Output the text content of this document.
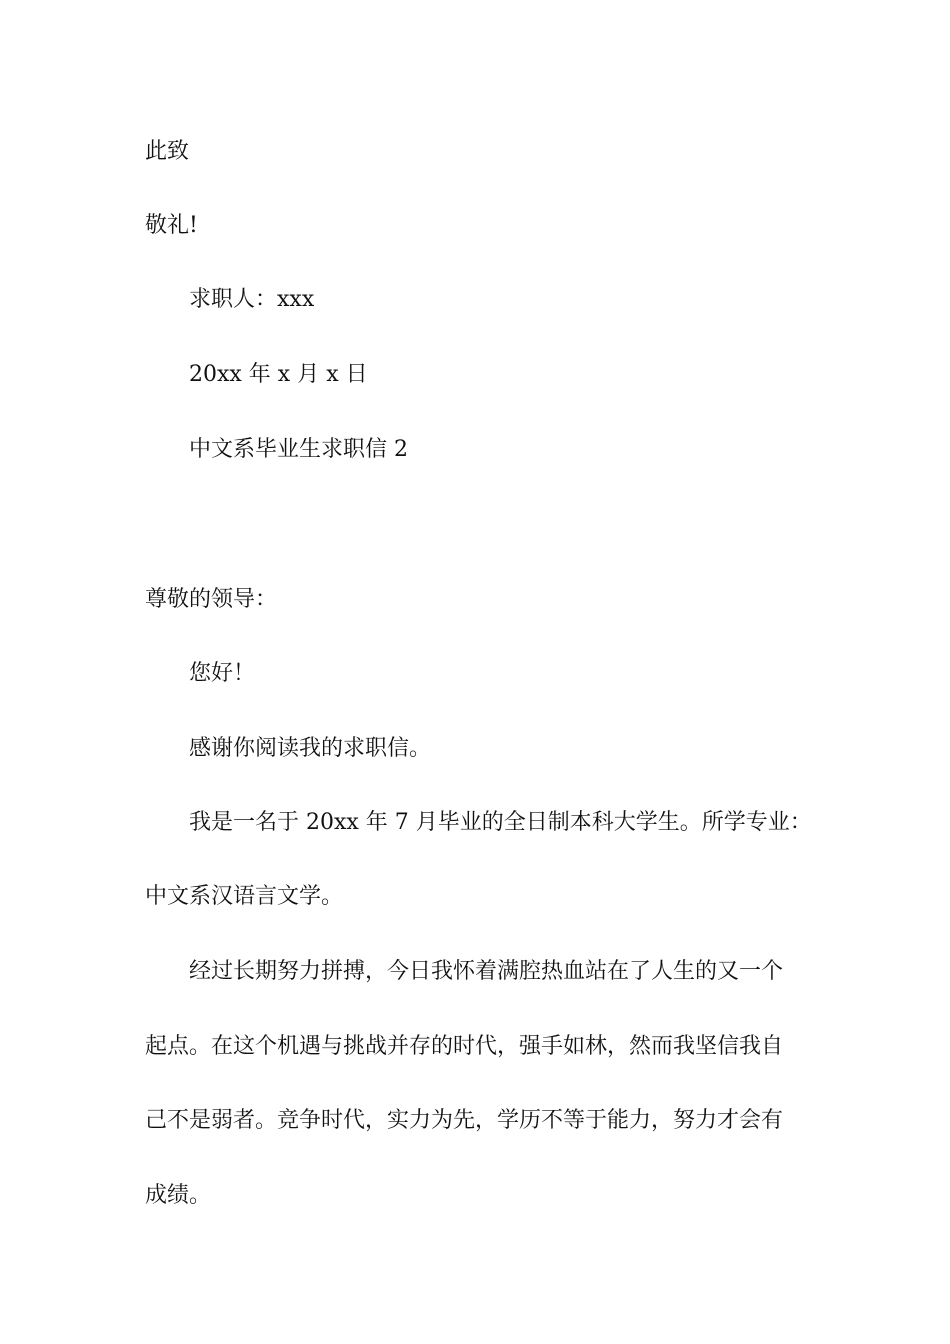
此致

敬礼!

求职人：xxx

20xx 年 x 月 x 日

中文系毕业生求职信 2

尊敬的领导：

您好！

感谢你阅读我的求职信。

我是一名于 20xx 年 7 月毕业的全日制本科大学生。所学专业：

中文系汉语言文学。

经过长期努力拼搏，今日我怀着满腔热血站在了人生的又一个

起点。在这个机遇与挑战并存的时代，强手如林，然而我坚信我自

己不是弱者。竞争时代，实力为先，学历不等于能力，努力才会有

成绩。
